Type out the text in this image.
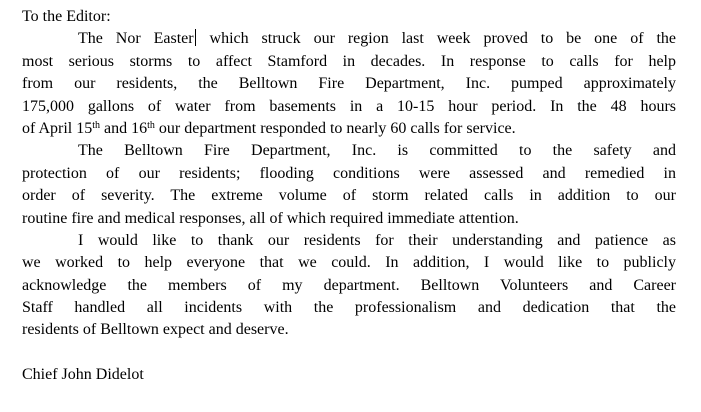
To the Editor:
The Nor Easter which struck our region last week proved to be one of the
most serious storms to affect Stamford in decades. In response to calls for help
from our residents, the Belltown Fire Department, Inc. pumped approximately
175,000 gallons of water from basements in a 10-15 hour period. In the 48 hours
of April 15th and 16th our department responded to nearly 60 calls for service.
The Belltown Fire Department, Inc. is committed to the safety and
protection of our residents; flooding conditions were assessed and remedied in
order of severity. The extreme volume of storm related calls in addition to our
routine fire and medical responses, all of which required immediate attention.
I would like to thank our residents for their understanding and patience as
we worked to help everyone that we could. In addition, I would like to publicly
acknowledge the members of my department. Belltown Volunteers and Career
Staff handled all incidents with the professionalism and dedication that the
residents of Belltown expect and deserve.
Chief John Didelot
